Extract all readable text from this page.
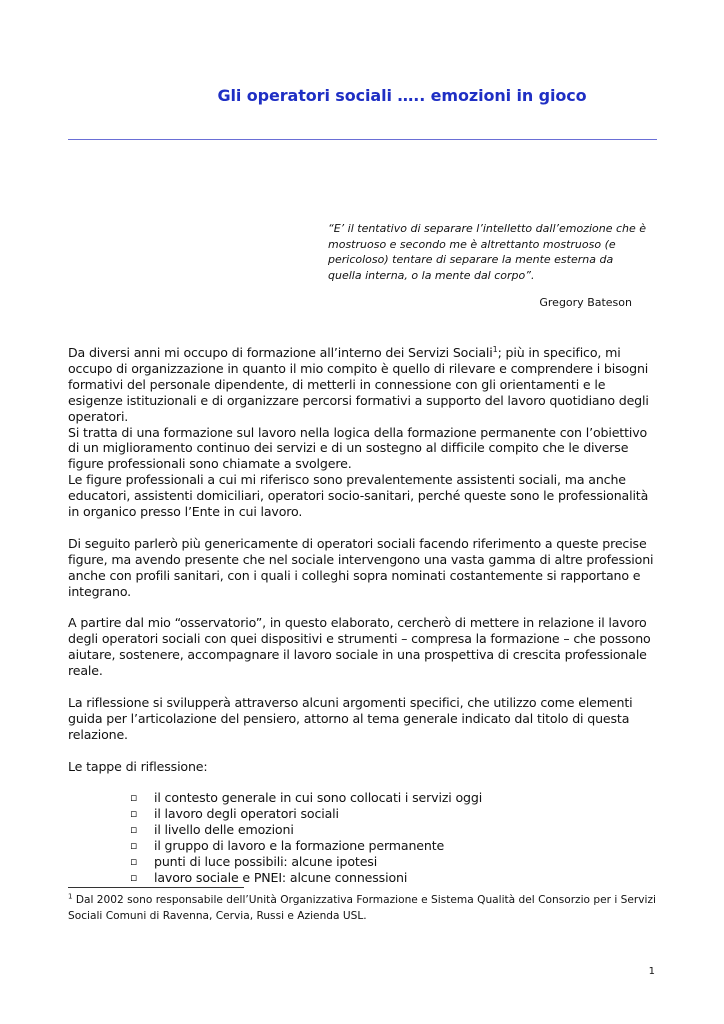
Gli operatori sociali ….. emozioni in gioco
“E’ il tentativo di separare l’intelletto dall’emozione che è mostruoso e secondo me è altrettanto mostruoso (e pericoloso) tentare di separare la mente esterna da quella interna, o la mente dal corpo”.
Gregory Bateson

Da diversi anni mi occupo di formazione all’interno dei Servizi Sociali$^1$; più in specifico, mi occupo di organizzazione in quanto il mio compito è quello di rilevare e comprendere i bisogni formativi del personale dipendente, di metterli in connessione con gli orientamenti e le esigenze istituzionali e di organizzare percorsi formativi a supporto del lavoro quotidiano degli operatori.

Si tratta di una formazione sul lavoro nella logica della formazione permanente con l’obiettivo di un miglioramento continuo dei servizi e di un sostegno al difficile compito che le diverse figure professionali sono chiamate a svolgere.

Le figure professionali a cui mi riferisco sono prevalentemente assistenti sociali, ma anche educatori, assistenti domiciliari, operatori socio-sanitari, perché queste sono le professionalità in organico presso l’Ente in cui lavoro.

Di seguito parlerò più genericamente di operatori sociali facendo riferimento a queste precise figure, ma avendo presente che nel sociale intervengono una vasta gamma di altre professioni anche con profili sanitari, con i quali i colleghi sopra nominati costantemente si rapportano e integrano.

A partire dal mio “osservatorio”, in questo elaborato, cercherò di mettere in relazione il lavoro degli operatori sociali con quei dispositivi e strumenti – compresa la formazione – che possono aiutare, sostenere, accompagnare il lavoro sociale in una prospettiva di crescita professionale reale.

La riflessione si svilupperà attraverso alcuni argomenti specifici, che utilizzo come elementi guida per l’articolazione del pensiero, attorno al tema generale indicato dal titolo di questa relazione.

Le tappe di riflessione:

▫ il contesto generale in cui sono collocati i servizi oggi
▫ il lavoro degli operatori sociali
▫ il livello delle emozioni
▫ il gruppo di lavoro e la formazione permanente
▫ punti di luce possibili: alcune ipotesi
▫ lavoro sociale e PNEI: alcune connessioni
$^1$ Dal 2002 sono responsabile dell’Unità Organizzativa Formazione e Sistema Qualità del Consorzio per i Servizi Sociali Comuni di Ravenna, Cervia, Russi e Azienda USL.
1
